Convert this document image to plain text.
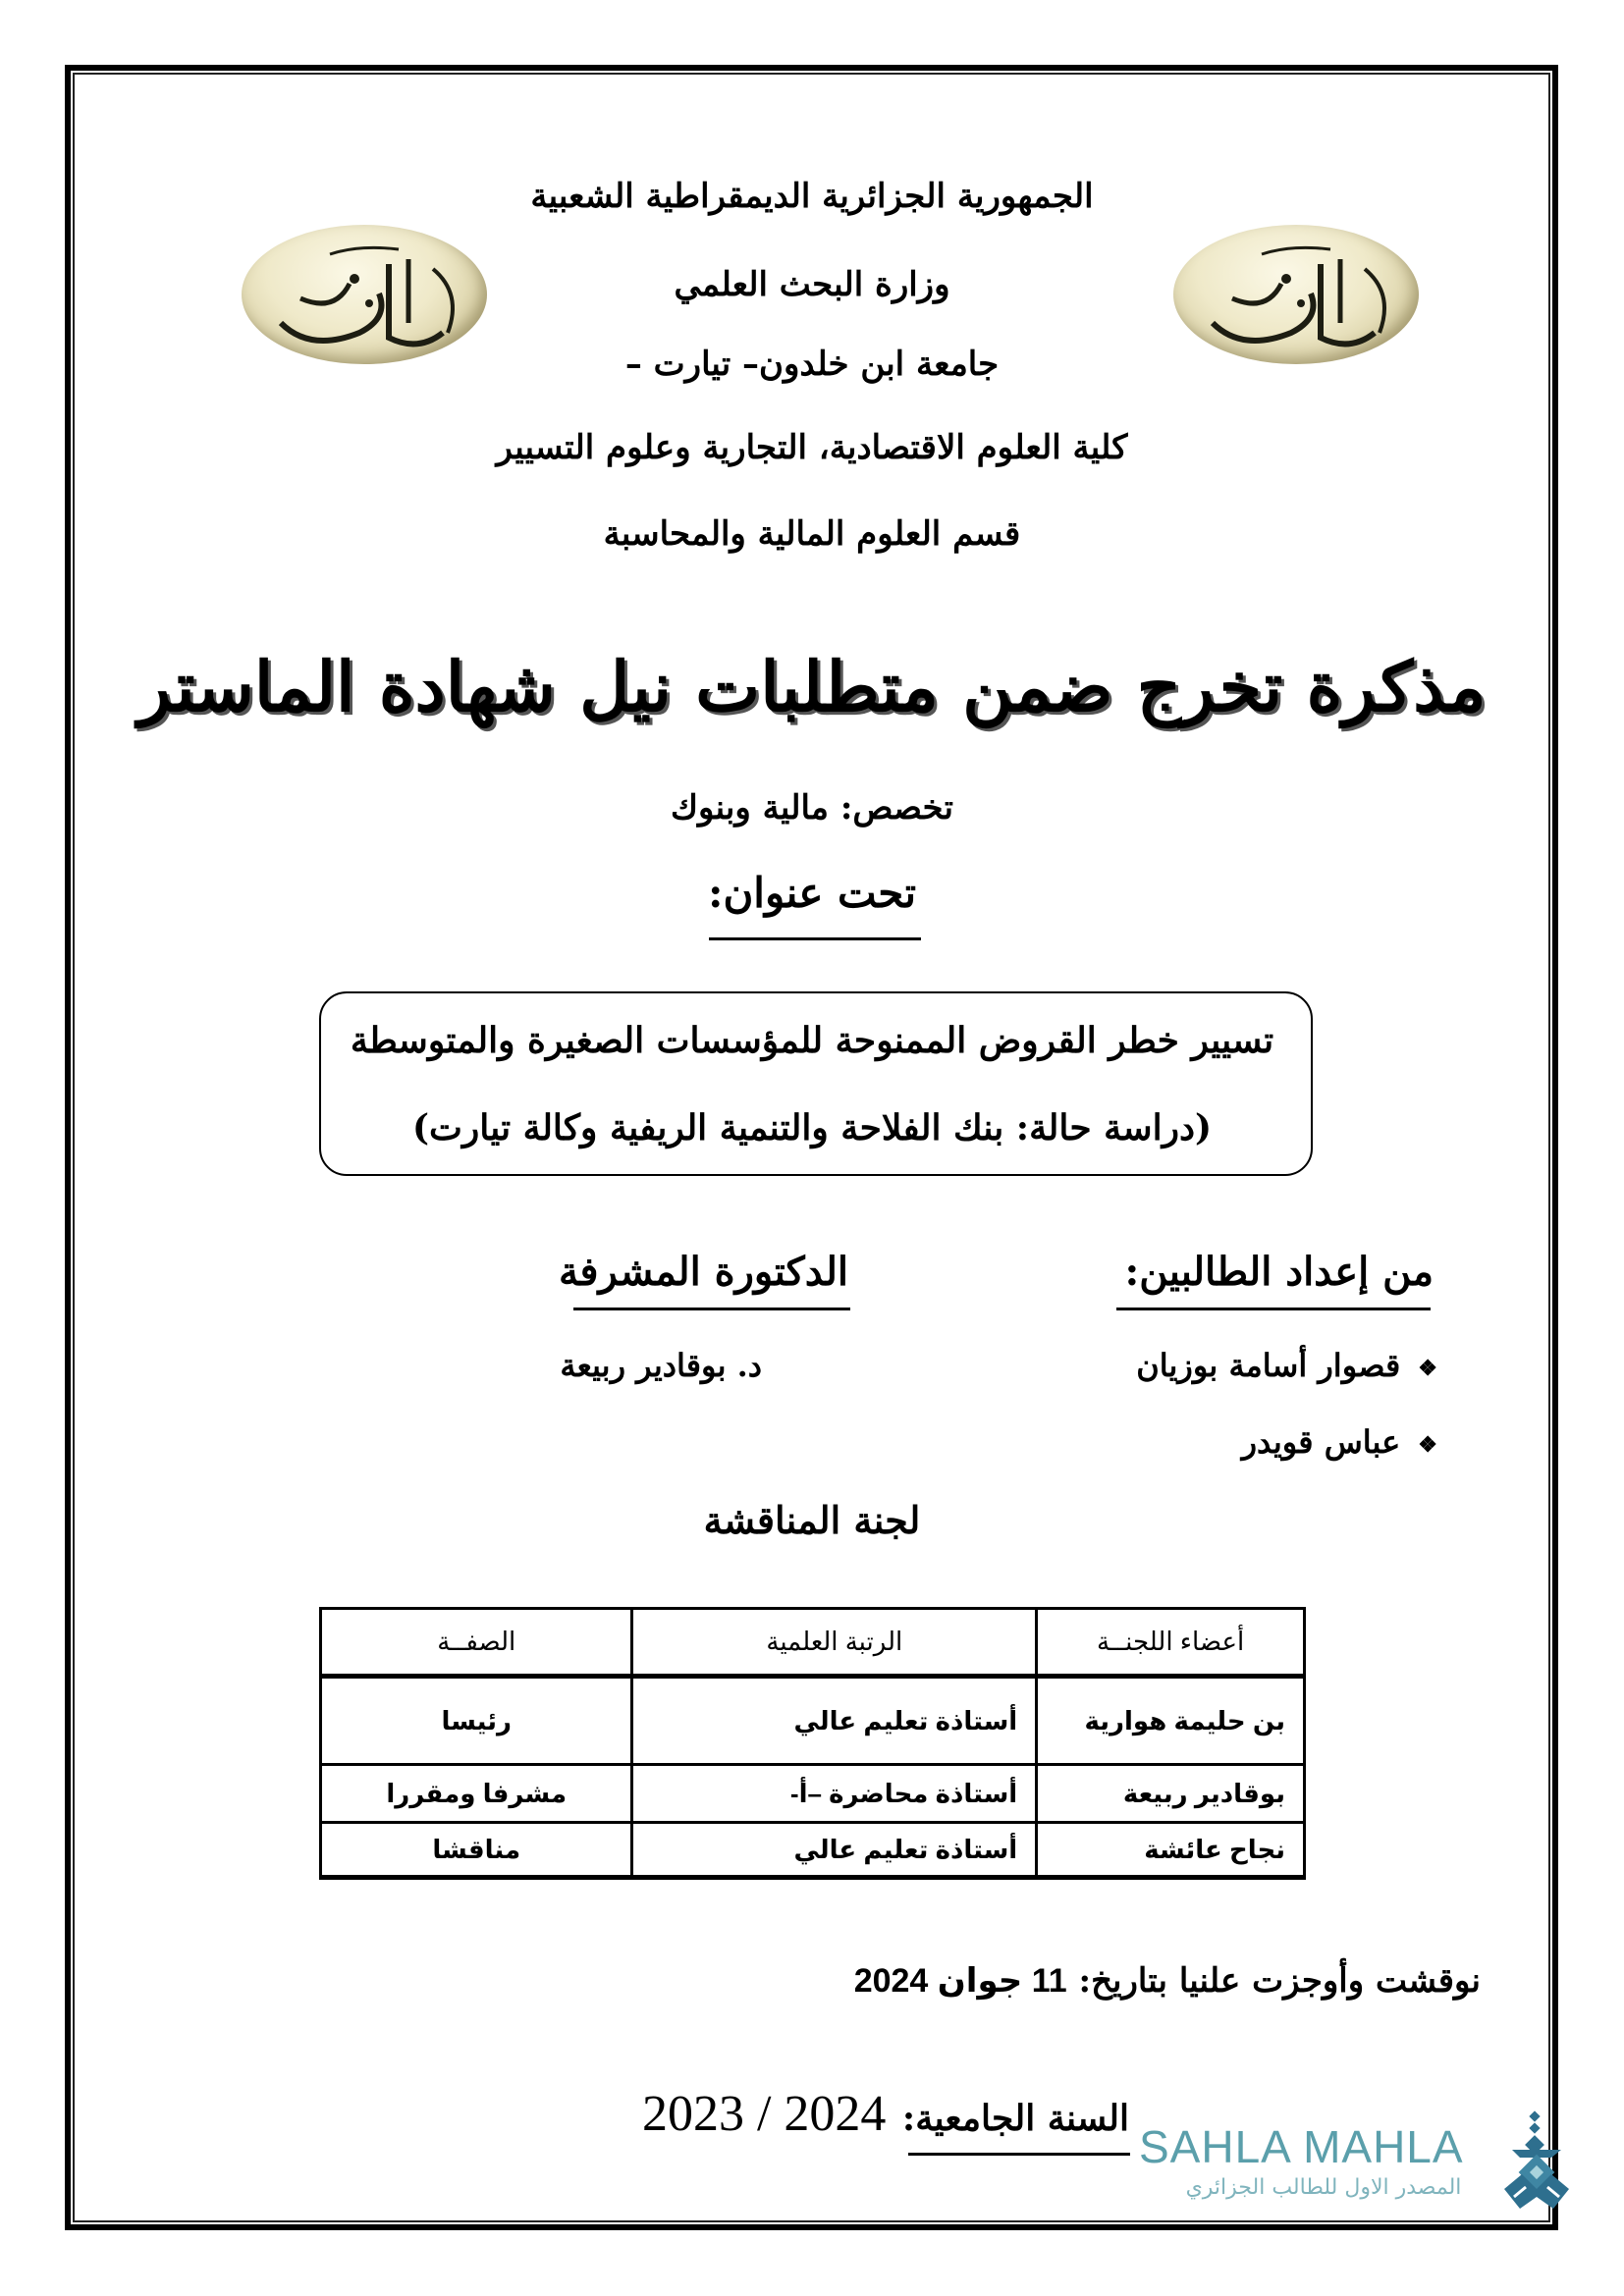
الجمهورية الجزائرية الديمقراطية الشعبية
وزارة البحث العلمي
جامعة ابن خلدون– تيارت –
كلية العلوم الاقتصادية، التجارية وعلوم التسيير
قسم العلوم المالية والمحاسبة
مذكرة تخرج ضمن متطلبات نيل شهادة الماستر
تخصص: مالية وبنوك
تحت عنوان:
تسيير خطر القروض الممنوحة للمؤسسات الصغيرة والمتوسطة
(دراسة حالة: بنك الفلاحة والتنمية الريفية وكالة تيارت)
من إعداد الطالبين:
❖قصوار أسامة بوزيان
❖عباس قويدر
الدكتورة المشرفة
د. بوقادير ربيعة
لجنة المناقشة
أعضاء اللجنــة	الرتبة العلمية	الصفــة
بن حليمة هوارية	أستاذة تعليم عالي	رئيسا
بوقادير ربيعة	أستاذة محاضرة –أ-	مشرفا ومقررا
نجاح عائشة	أستاذة تعليم عالي	مناقشا
نوقشت وأوجزت علنيا بتاريخ: 11 جوان 2024
السنة الجامعية: 2023 / 2024
SAHLA MAHLA
المصدر الاول للطالب الجزائري
